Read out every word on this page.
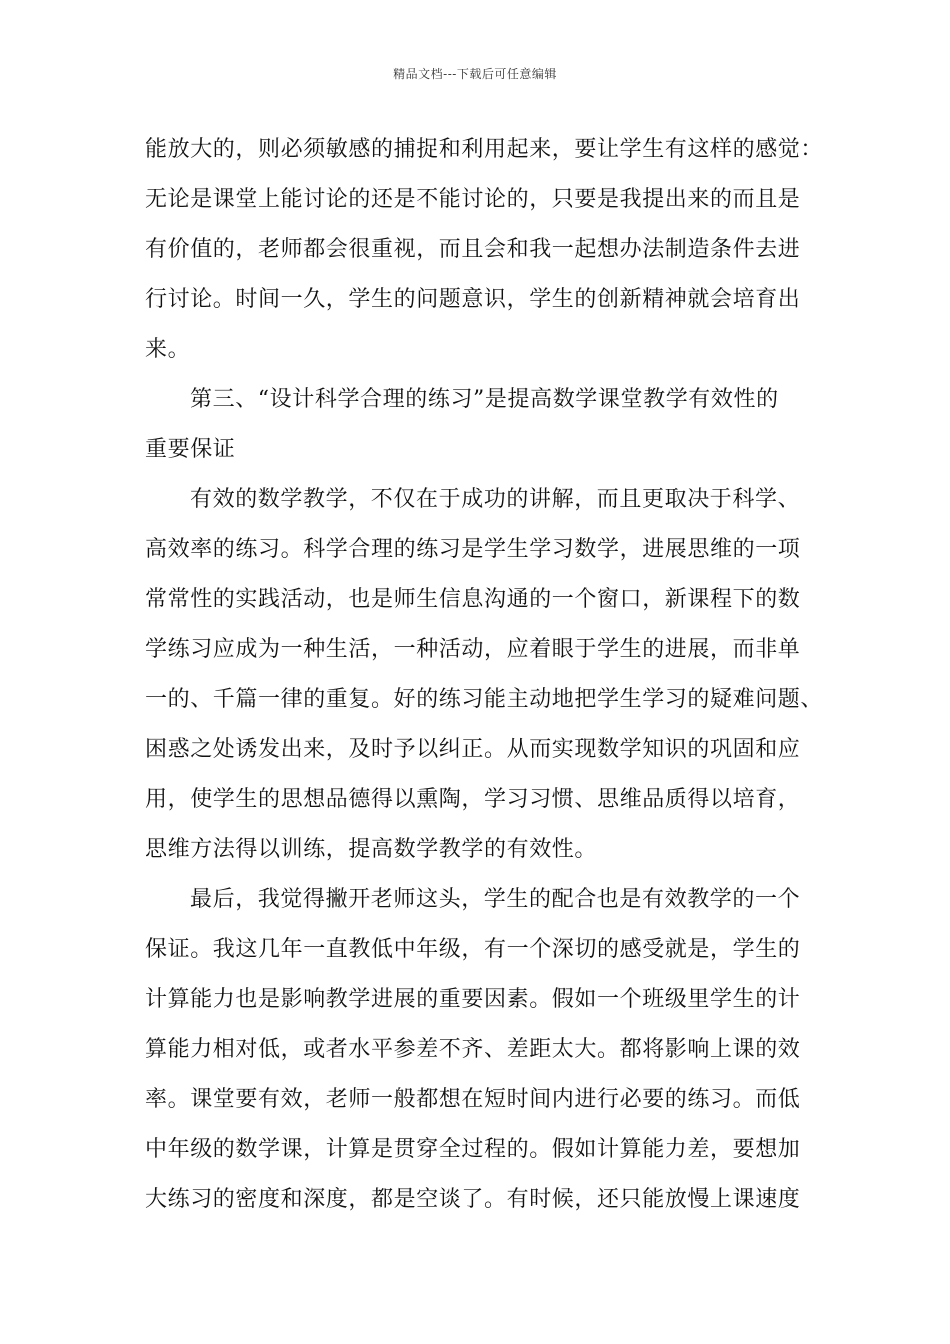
精品文档---下载后可任意编辑
能放大的，则必须敏感的捕捉和利用起来，要让学生有这样的感觉：
无论是课堂上能讨论的还是不能讨论的，只要是我提出来的而且是
有价值的，老师都会很重视，而且会和我一起想办法制造条件去进
行讨论。时间一久，学生的问题意识，学生的创新精神就会培育出
来。
第三、“设计科学合理的练习”是提高数学课堂教学有效性的
重要保证
有效的数学教学，不仅在于成功的讲解，而且更取决于科学、
高效率的练习。科学合理的练习是学生学习数学，进展思维的一项
常常性的实践活动，也是师生信息沟通的一个窗口，新课程下的数
学练习应成为一种生活，一种活动，应着眼于学生的进展，而非单
一的、千篇一律的重复。好的练习能主动地把学生学习的疑难问题、
困惑之处诱发出来，及时予以纠正。从而实现数学知识的巩固和应
用，使学生的思想品德得以熏陶，学习习惯、思维品质得以培育，
思维方法得以训练，提高数学教学的有效性。
最后，我觉得撇开老师这头，学生的配合也是有效教学的一个
保证。我这几年一直教低中年级，有一个深切的感受就是，学生的
计算能力也是影响教学进展的重要因素。假如一个班级里学生的计
算能力相对低，或者水平参差不齐、差距太大。都将影响上课的效
率。课堂要有效，老师一般都想在短时间内进行必要的练习。而低
中年级的数学课，计算是贯穿全过程的。假如计算能力差，要想加
大练习的密度和深度，都是空谈了。有时候，还只能放慢上课速度
